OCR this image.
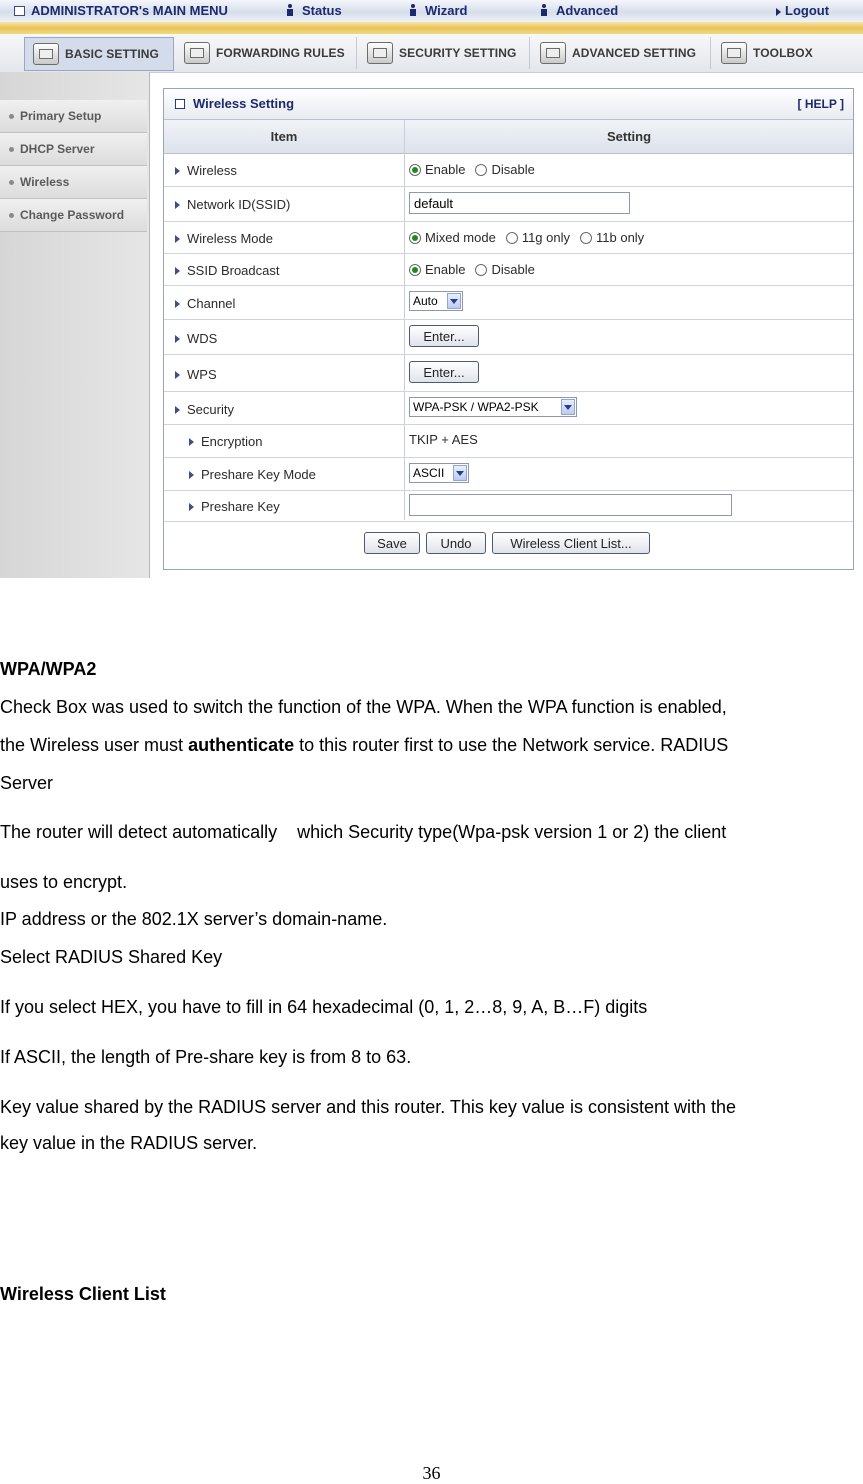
ADMINISTRATOR's MAIN MENU	Status	Wizard	Advanced	Logout
BASIC SETTING	FORWARDING RULES	SECURITY SETTING	ADVANCED SETTING	TOOLBOX
Primary Setup
DHCP Server
Wireless
Change Password
Wireless Setting	[ HELP ]
Item	Setting
Wireless	Enable Disable
Network ID(SSID)	default
Wireless Mode	Mixed mode 11g only 11b only
SSID Broadcast	Enable Disable
Channel	Auto
WDS	Enter...
WPS	Enter...
Security	WPA-PSK / WPA2-PSK
Encryption	TKIP + AES
Preshare Key Mode	ASCII
Preshare Key
Save	Undo	Wireless Client List...
WPA/WPA2
Check Box was used to switch the function of the WPA. When the WPA function is enabled,
the Wireless user must authenticate to this router first to use the Network service. RADIUS
Server
The router will detect automatically    which Security type(Wpa-psk version 1 or 2) the client
uses to encrypt.
IP address or the 802.1X server’s domain-name.
Select RADIUS Shared Key
If you select HEX, you have to fill in 64 hexadecimal (0, 1, 2…8, 9, A, B…F) digits
If ASCII, the length of Pre-share key is from 8 to 63.
Key value shared by the RADIUS server and this router. This key value is consistent with the
key value in the RADIUS server.
Wireless Client List
36
